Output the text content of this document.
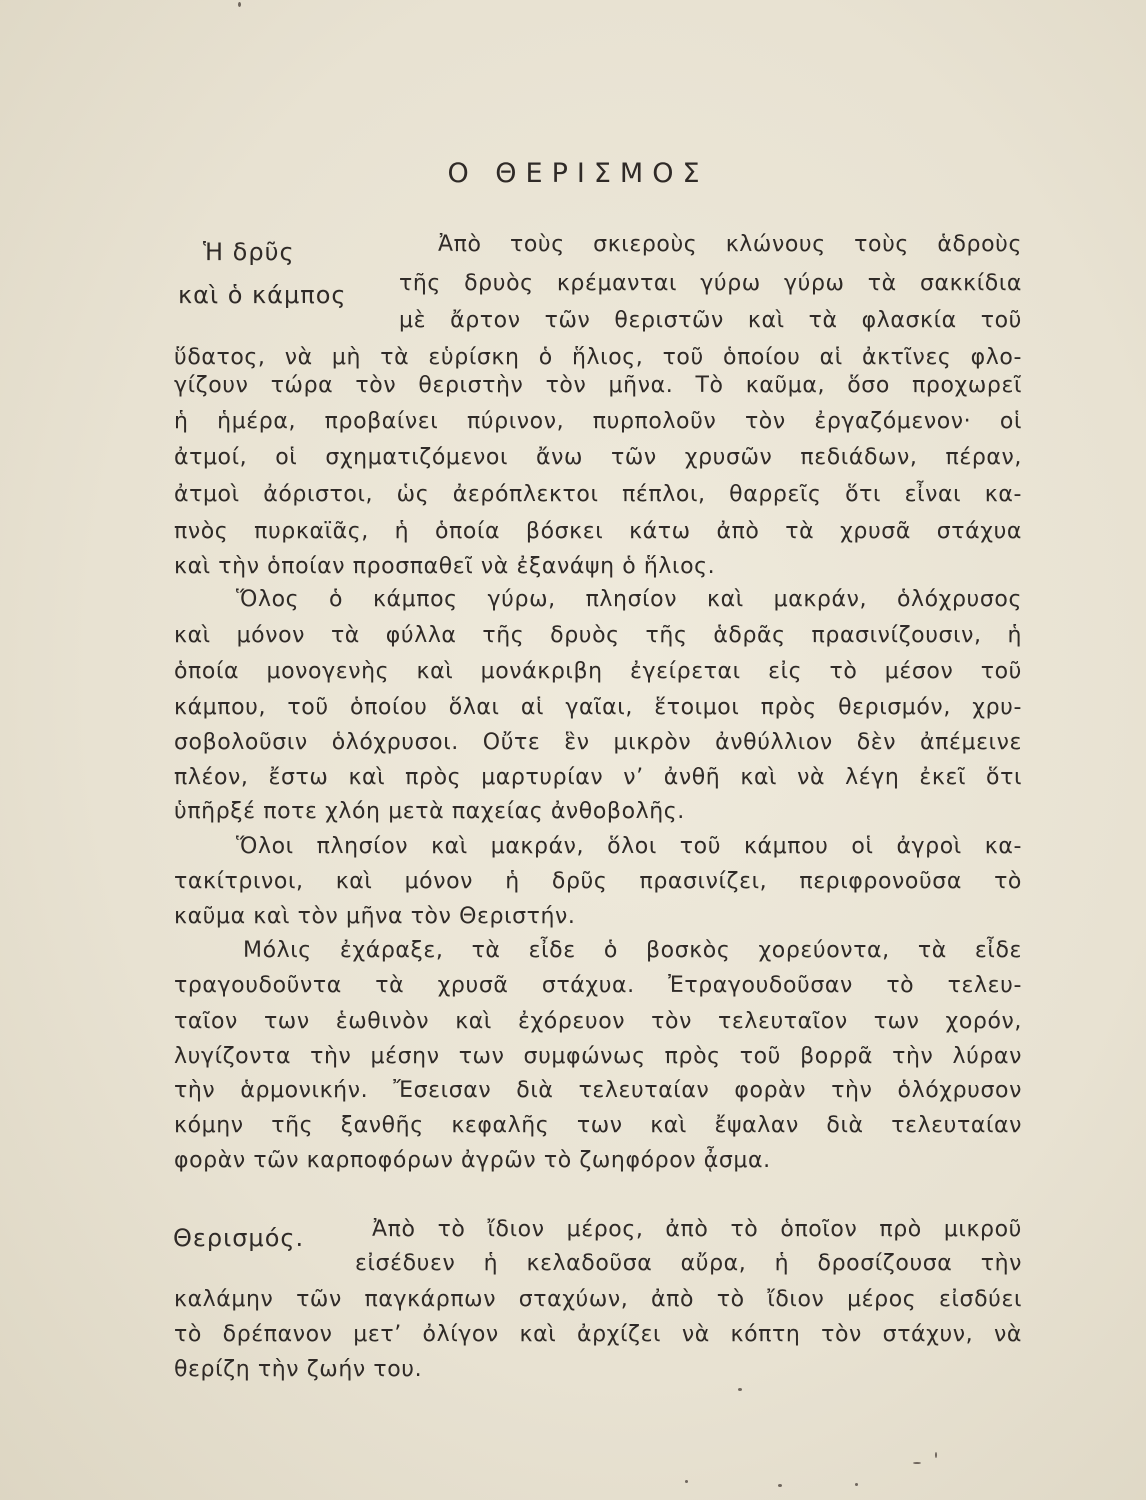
Ο ΘΕΡΙΣΜΟΣ
Ἡ δρῦς
καὶ ὁ κάμπος
Ἀπὸ τοὺς σκιεροὺς κλώνους τοὺς ἁδροὺς
τῆς δρυὸς κρέμανται γύρω γύρω τὰ σακκίδια
μὲ ἄρτον τῶν θεριστῶν καὶ τὰ φλασκία τοῦ
ὕδατος, νὰ μὴ τὰ εὑρίσκη ὁ ἥλιος, τοῦ ὁποίου αἱ ἀκτῖνες φλο-
γίζουν τώρα τὸν θεριστὴν τὸν μῆνα. Τὸ καῦμα, ὅσο προχωρεῖ
ἡ ἡμέρα, προβαίνει πύρινον, πυρπολοῦν τὸν ἐργαζόμενον· οἱ
ἀτμοί, οἱ σχηματιζόμενοι ἄνω τῶν χρυσῶν πεδιάδων, πέραν,
ἀτμοὶ ἀόριστοι, ὡς ἀερόπλεκτοι πέπλοι, θαρρεῖς ὅτι εἶναι κα-
πνὸς πυρκαϊᾶς, ἡ ὁποία βόσκει κάτω ἀπὸ τὰ χρυσᾶ στάχυα
καὶ τὴν ὁποίαν προσπαθεῖ νὰ ἐξανάψη ὁ ἥλιος.
Ὅλος ὁ κάμπος γύρω, πλησίον καὶ μακράν, ὁλόχρυσος
καὶ μόνον τὰ φύλλα τῆς δρυὸς τῆς ἁδρᾶς πρασινίζουσιν, ἡ
ὁποία μονογενὴς καὶ μονάκριβη ἐγείρεται εἰς τὸ μέσον τοῦ
κάμπου, τοῦ ὁποίου ὅλαι αἱ γαῖαι, ἕτοιμοι πρὸς θερισμόν, χρυ-
σοβολοῦσιν ὁλόχρυσοι. Οὔτε ἓν μικρὸν ἀνθύλλιον δὲν ἀπέμεινε
πλέον, ἔστω καὶ πρὸς μαρτυρίαν ν’ ἀνθῆ καὶ νὰ λέγη ἐκεῖ ὅτι
ὑπῆρξέ ποτε χλόη μετὰ παχείας ἀνθοβολῆς.
Ὅλοι πλησίον καὶ μακράν, ὅλοι τοῦ κάμπου οἱ ἀγροὶ κα-
τακίτρινοι, καὶ μόνον ἡ δρῦς πρασινίζει, περιφρονοῦσα τὸ
καῦμα καὶ τὸν μῆνα τὸν Θεριστήν.
Μόλις ἐχάραξε, τὰ εἶδε ὁ βοσκὸς χορεύοντα, τὰ εἶδε
τραγουδοῦντα τὰ χρυσᾶ στάχυα. Ἐτραγουδοῦσαν τὸ τελευ-
ταῖον των ἑωθινὸν καὶ ἐχόρευον τὸν τελευταῖον των χορόν,
λυγίζοντα τὴν μέσην των συμφώνως πρὸς τοῦ βορρᾶ τὴν λύραν
τὴν ἁρμονικήν. Ἔσεισαν διὰ τελευταίαν φορὰν τὴν ὁλόχρυσον
κόμην τῆς ξανθῆς κεφαλῆς των καὶ ἔψαλαν διὰ τελευταίαν
φορὰν τῶν καρποφόρων ἀγρῶν τὸ ζωηφόρον ᾆσμα.
Θερισμός.	Ἀπὸ τὸ ἴδιον μέρος, ἀπὸ τὸ ὁποῖον πρὸ μικροῦ
εἰσέδυεν ἡ κελαδοῦσα αὔρα, ἡ δροσίζουσα τὴν
καλάμην τῶν παγκάρπων σταχύων, ἀπὸ τὸ ἴδιον μέρος εἰσδύει
τὸ δρέπανον μετ’ ὀλίγον καὶ ἀρχίζει νὰ κόπτη τὸν στάχυν, νὰ
θερίζη τὴν ζωήν του.
